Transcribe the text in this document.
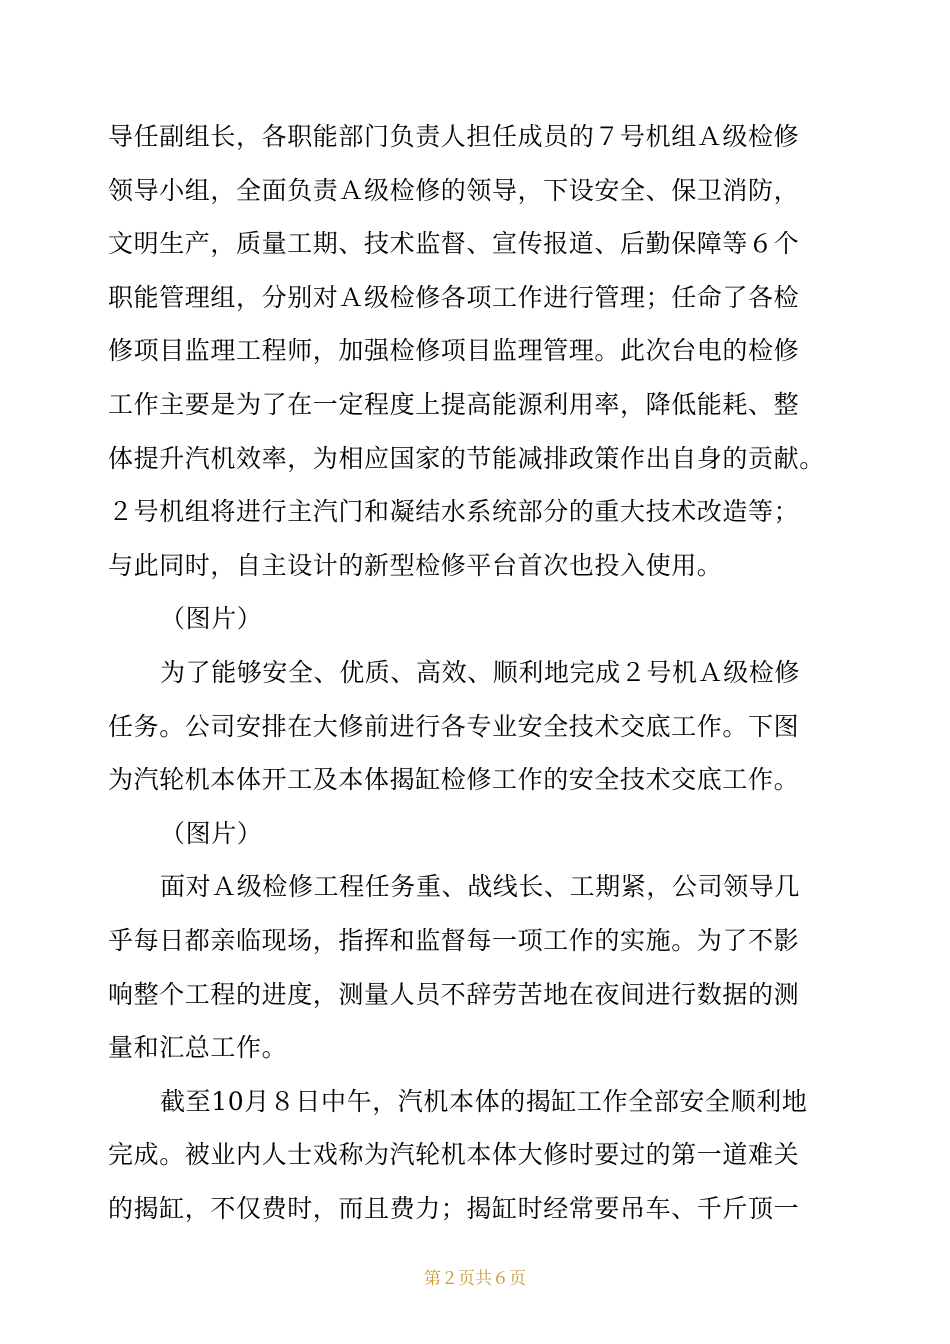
导任副组长，各职能部门负责人担任成员的７号机组Ａ级检修
领导小组，全面负责Ａ级检修的领导，下设安全、保卫消防，
文明生产，质量工期、技术监督、宣传报道、后勤保障等６个
职能管理组，分别对Ａ级检修各项工作进行管理；任命了各检
修项目监理工程师，加强检修项目监理管理。此次台电的检修
工作主要是为了在一定程度上提高能源利用率，降低能耗、整
体提升汽机效率，为相应国家的节能减排政策作出自身的贡献。
２号机组将进行主汽门和凝结水系统部分的重大技术改造等；
与此同时，自主设计的新型检修平台首次也投入使用。
（图片）
为了能够安全、优质、高效、顺利地完成２号机Ａ级检修
任务。公司安排在大修前进行各专业安全技术交底工作。下图
为汽轮机本体开工及本体揭缸检修工作的安全技术交底工作。
（图片）
面对Ａ级检修工程任务重、战线长、工期紧，公司领导几
乎每日都亲临现场，指挥和监督每一项工作的实施。为了不影
响整个工程的进度，测量人员不辞劳苦地在夜间进行数据的测
量和汇总工作。
截至10月８日中午，汽机本体的揭缸工作全部安全顺利地
完成。被业内人士戏称为汽轮机本体大修时要过的第一道难关
的揭缸，不仅费时，而且费力；揭缸时经常要吊车、千斤顶一
第２页共６页
